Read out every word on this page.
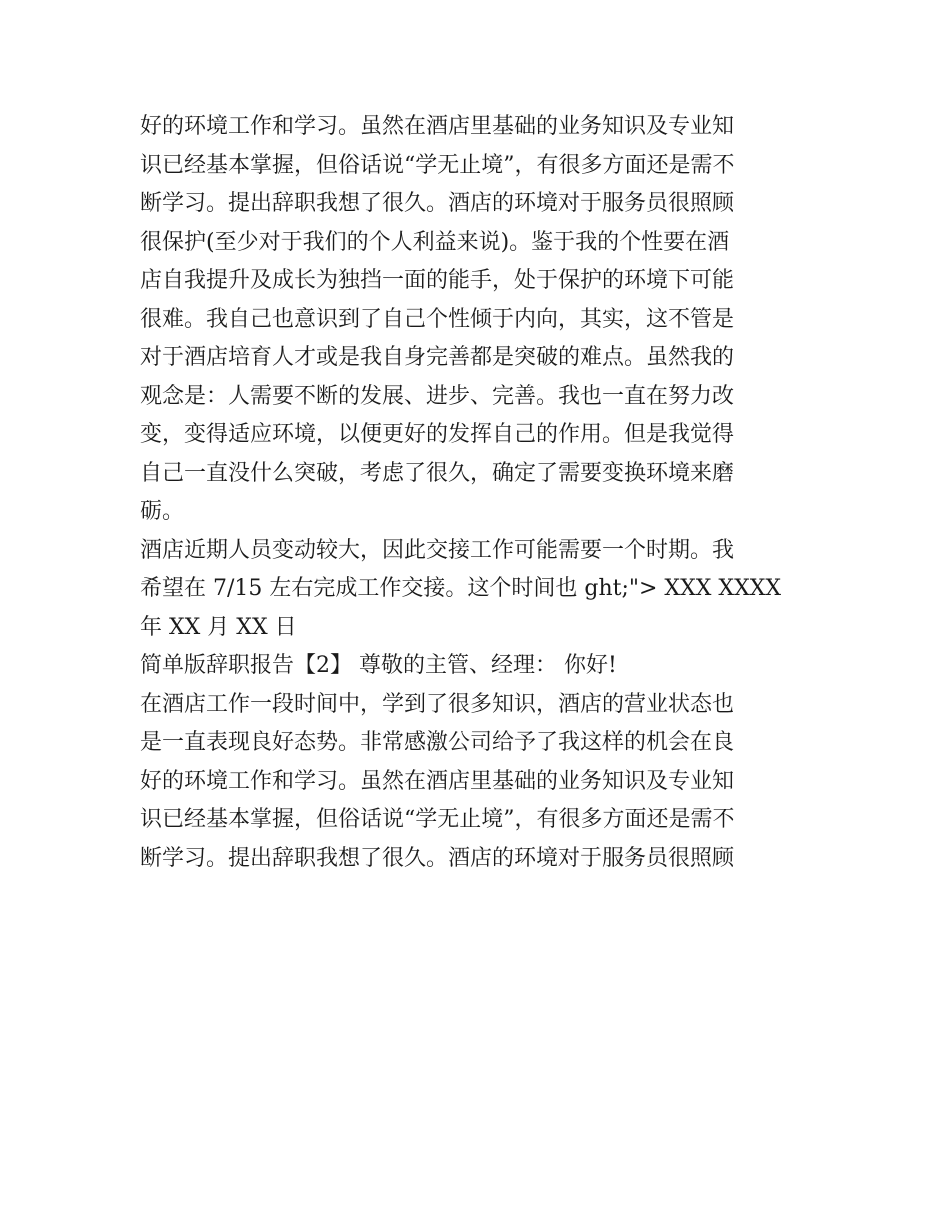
好的环境工作和学习。虽然在酒店里基础的业务知识及专业知
识已经基本掌握，但俗话说“学无止境”，有很多方面还是需不
断学习。提出辞职我想了很久。酒店的环境对于服务员很照顾
很保护(至少对于我们的个人利益来说)。鉴于我的个性要在酒
店自我提升及成长为独挡一面的能手，处于保护的环境下可能
很难。我自己也意识到了自己个性倾于内向，其实，这不管是
对于酒店培育人才或是我自身完善都是突破的难点。虽然我的
观念是：人需要不断的发展、进步、完善。我也一直在努力改
变，变得适应环境，以便更好的发挥自己的作用。但是我觉得
自己一直没什么突破，考虑了很久，确定了需要变换环境来磨
砺。
酒店近期人员变动较大，因此交接工作可能需要一个时期。我
希望在 7/15 左右完成工作交接。这个时间也 ght;"> XXX XXXX
年 XX 月 XX 日
简单版辞职报告【2】 尊敬的主管、经理： 你好!
在酒店工作一段时间中，学到了很多知识，酒店的营业状态也
是一直表现良好态势。非常感激公司给予了我这样的机会在良
好的环境工作和学习。虽然在酒店里基础的业务知识及专业知
识已经基本掌握，但俗话说“学无止境”，有很多方面还是需不
断学习。提出辞职我想了很久。酒店的环境对于服务员很照顾
